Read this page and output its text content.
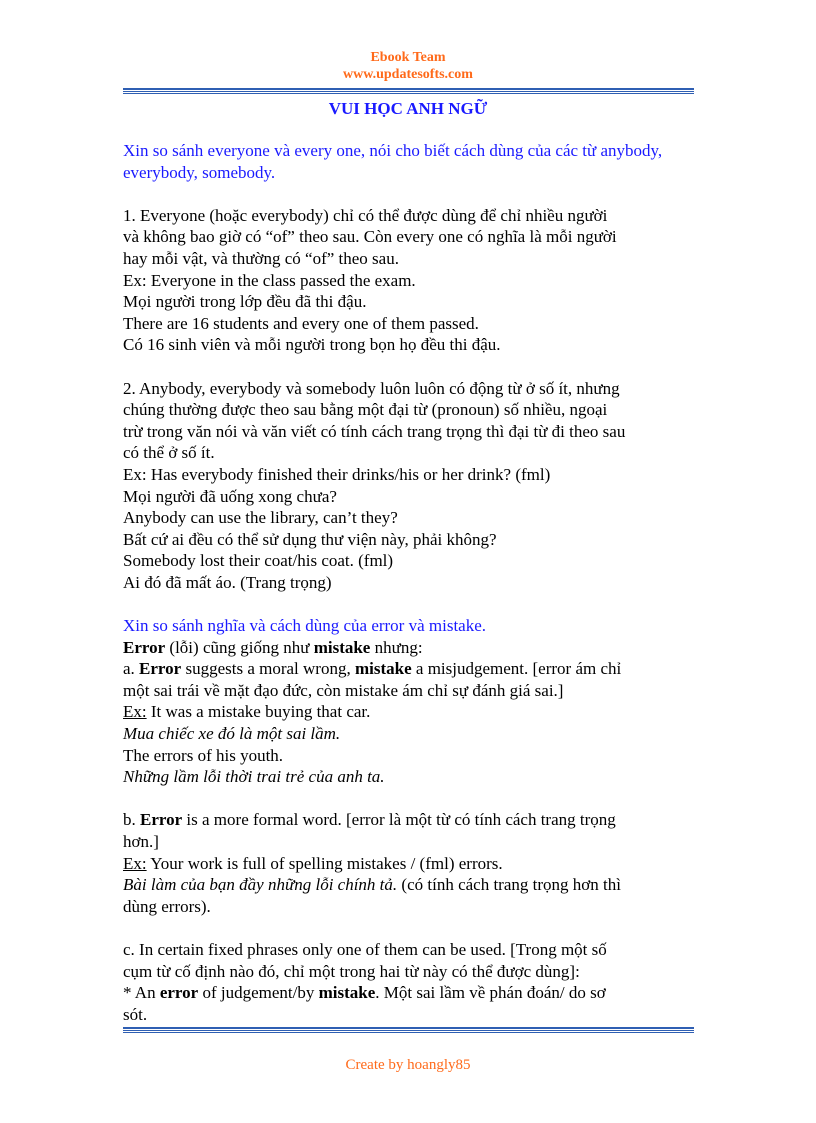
Ebook Team

www.updatesofts.com

VUI HỌC ANH NGỮ

Xin so sánh everyone và every one, nói cho biết cách dùng của các từ anybody, everybody, somebody.

1. Everyone (hoặc everybody) chỉ có thể được dùng để chỉ nhiều người

và không bao giờ có “of” theo sau. Còn every one có nghĩa là mỗi người

hay mỗi vật, và thường có “of” theo sau.

Ex: Everyone in the class passed the exam.

Mọi người trong lớp đều đã thi đậu.

There are 16 students and every one of them passed.

Có 16 sinh viên và mỗi người trong bọn họ đều thi đậu.

2. Anybody, everybody và somebody luôn luôn có động từ ở số ít, nhưng

chúng thường được theo sau bằng một đại từ (pronoun) số nhiều, ngoại

trừ trong văn nói và văn viết có tính cách trang trọng thì đại từ đi theo sau

có thể ở số ít.

Ex: Has everybody finished their drinks/his or her drink? (fml)

Mọi người đã uống xong chưa?

Anybody can use the library, can’t they?

Bất cứ ai đều có thể sử dụng thư viện này, phải không?

Somebody lost their coat/his coat. (fml)

Ai đó đã mất áo. (Trang trọng)

Xin so sánh nghĩa và cách dùng của error và mistake.

Error (lỗi) cũng giống như mistake nhưng:

a. Error suggests a moral wrong, mistake a misjudgement. [error ám chỉ

một sai trái về mặt đạo đức, còn mistake ám chỉ sự đánh giá sai.]

Ex: It was a mistake buying that car.

Mua chiếc xe đó là một sai lầm.

The errors of his youth.

Những lầm lỗi thời trai trẻ của anh ta.

b. Error is a more formal word. [error là một từ có tính cách trang trọng

hơn.]

Ex: Your work is full of spelling mistakes / (fml) errors.

Bài làm của bạn đầy những lỗi chính tả. (có tính cách trang trọng hơn thì

dùng errors).

c. In certain fixed phrases only one of them can be used. [Trong một số

cụm từ cố định nào đó, chỉ một trong hai từ này có thể được dùng]:

* An error of judgement/by mistake. Một sai lầm về phán đoán/ do sơ

sót.

Create by hoangly85
